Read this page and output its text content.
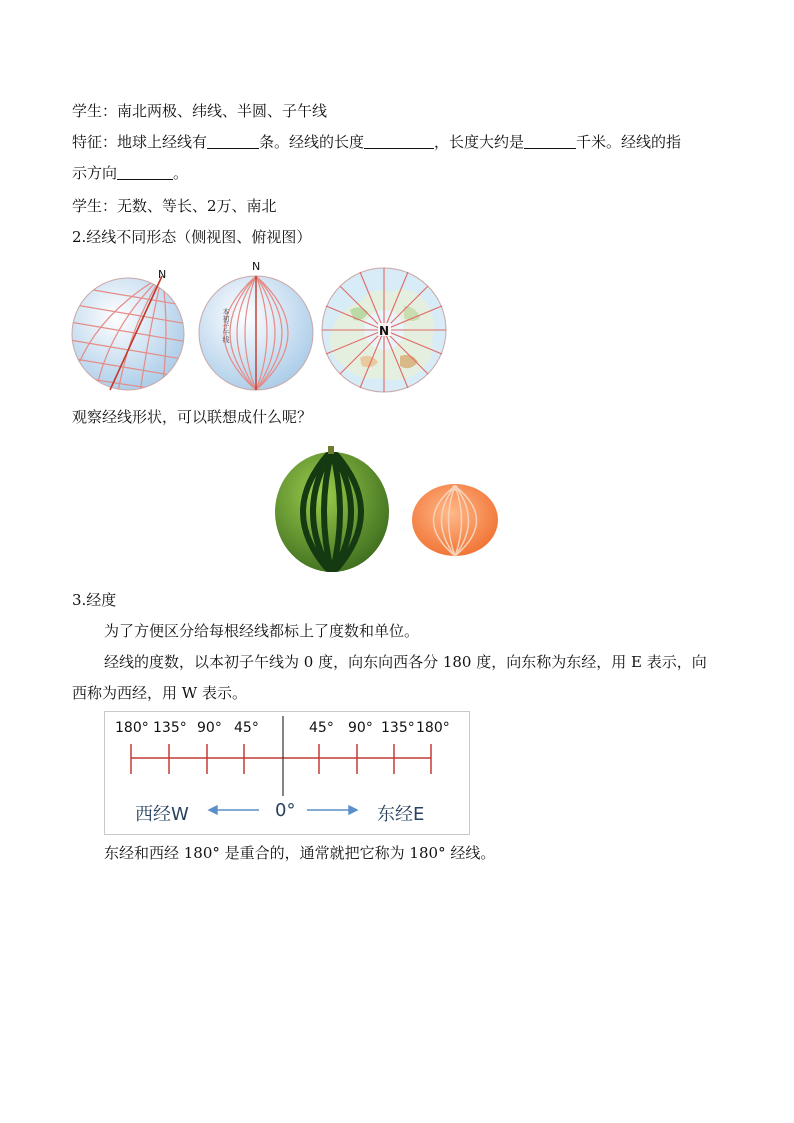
学生：南北两极、纬线、半圆、子午线
特征：地球上经线有	条。经线的长度	，长度大约是	千米。经线的指
示方向	。
学生：无数、等长、2万、南北
2.经线不同形态（侧视图、俯视图）
N
N
本初子午线	N
观察经线形状，可以联想成什么呢？
3.经度
为了方便区分给每根经线都标上了度数和单位。
经线的度数，以本初子午线为 0 度，向东向西各分 180 度，向东称为东经，用 E 表示，向
西称为西经，用 W 表示。
180° 135° 90° 45°	45° 90° 135° 180°
西经W	0°	东经E
东经和西经 180° 是重合的，通常就把它称为 180° 经线。
